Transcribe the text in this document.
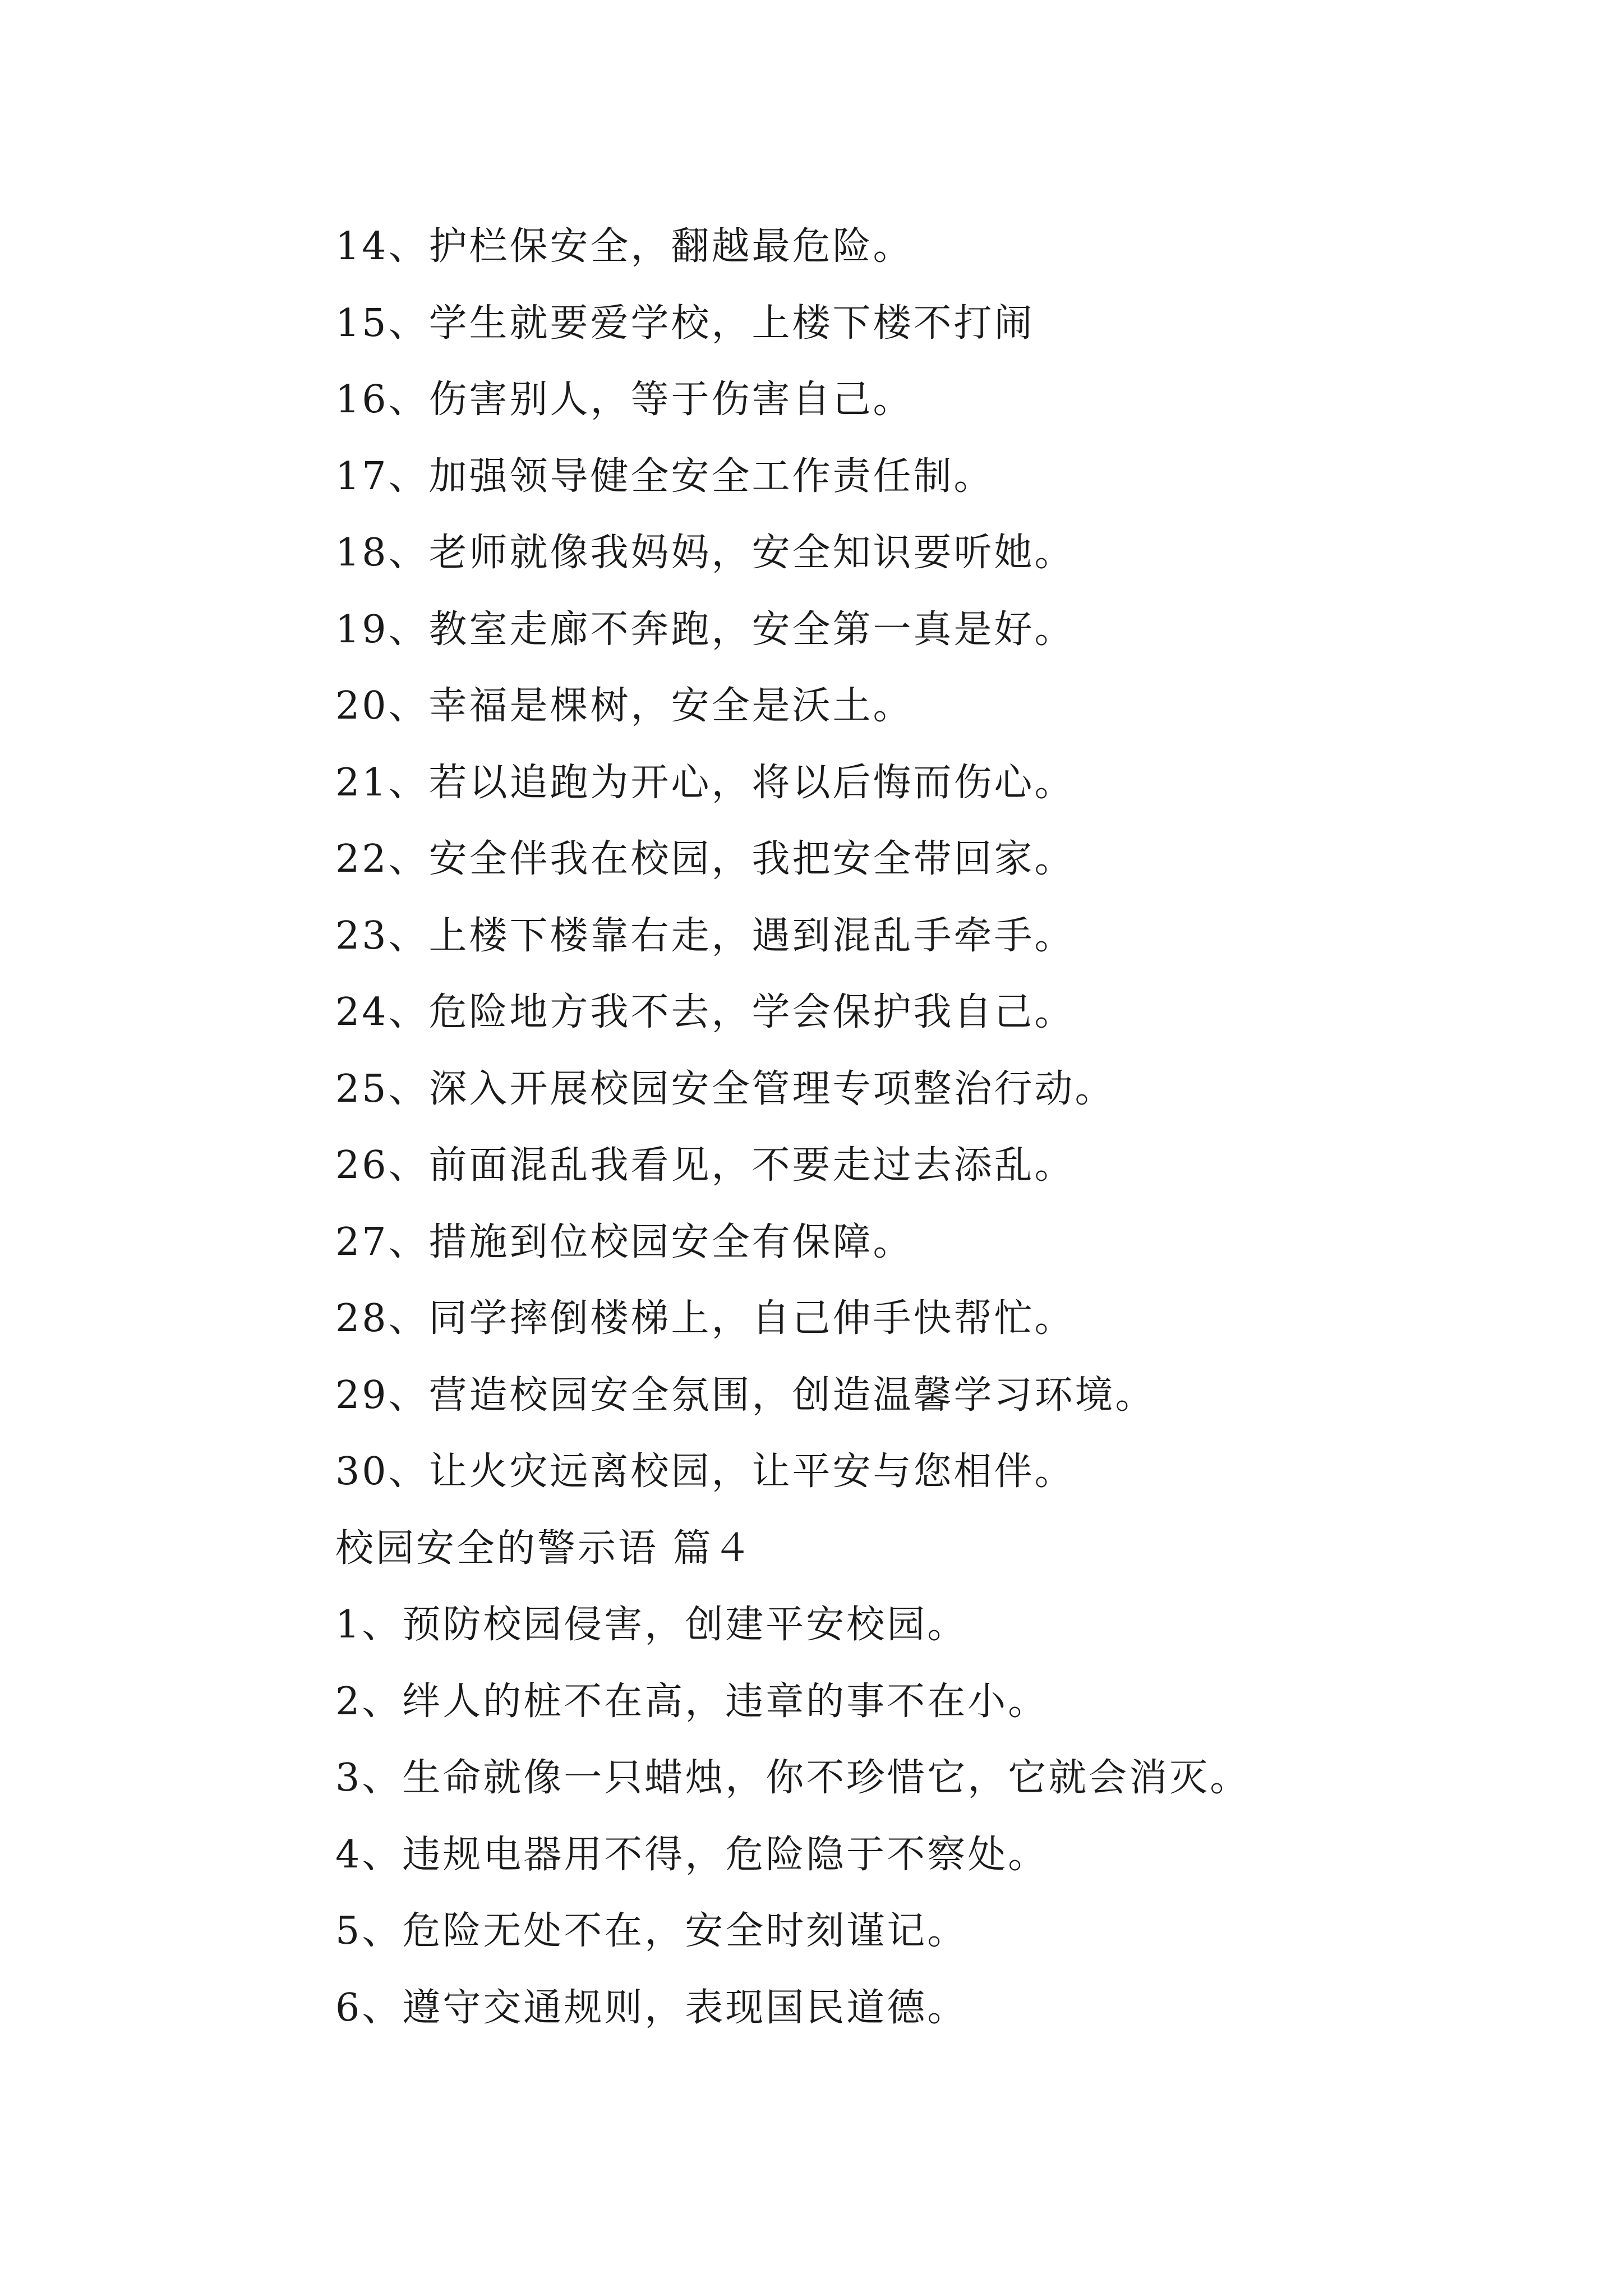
14、护栏保安全，翻越最危险。
15、学生就要爱学校，上楼下楼不打闹
16、伤害别人，等于伤害自己。
17、加强领导健全安全工作责任制。
18、老师就像我妈妈，安全知识要听她。
19、教室走廊不奔跑，安全第一真是好。
20、幸福是棵树，安全是沃土。
21、若以追跑为开心，将以后悔而伤心。
22、安全伴我在校园，我把安全带回家。
23、上楼下楼靠右走，遇到混乱手牵手。
24、危险地方我不去，学会保护我自己。
25、深入开展校园安全管理专项整治行动。
26、前面混乱我看见，不要走过去添乱。
27、措施到位校园安全有保障。
28、同学摔倒楼梯上，自己伸手快帮忙。
29、营造校园安全氛围，创造温馨学习环境。
30、让火灾远离校园，让平安与您相伴。
校园安全的警示语 篇４
1、预防校园侵害，创建平安校园。
2、绊人的桩不在高，违章的事不在小。
3、生命就像一只蜡烛，你不珍惜它，它就会消灭。
4、违规电器用不得，危险隐于不察处。
5、危险无处不在，安全时刻谨记。
6、遵守交通规则，表现国民道德。
